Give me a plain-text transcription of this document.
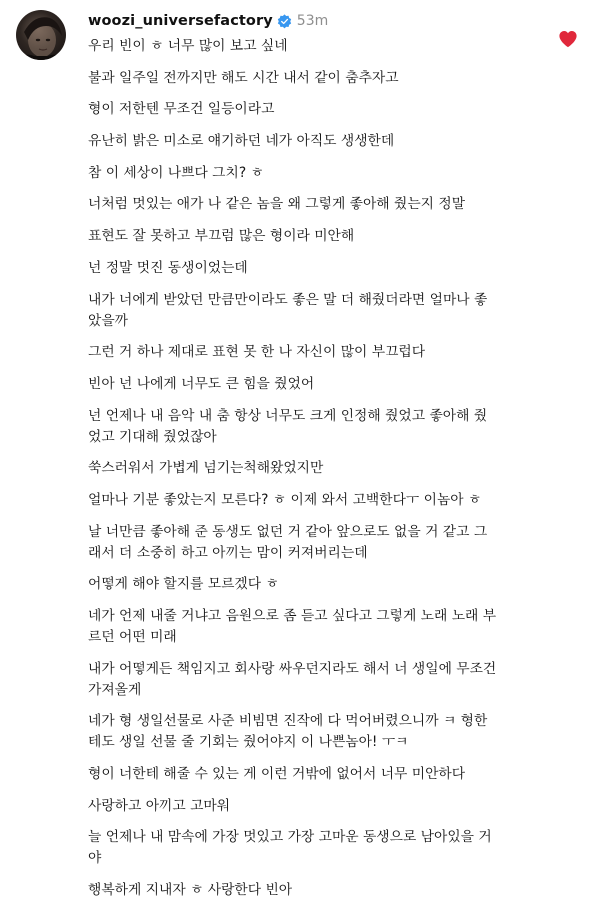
woozi_universefactory 53m
우리 빈이 ㅎ 너무 많이 보고 싶네
불과 일주일 전까지만 해도 시간 내서 같이 춤추자고
형이 저한텐 무조건 일등이라고
유난히 밝은 미소로 얘기하던 네가 아직도 생생한데
참 이 세상이 나쁘다 그치? ㅎ
너처럼 멋있는 애가 나 같은 놈을 왜 그렇게 좋아해 줬는지 정말
표현도 잘 못하고 부끄럼 많은 형이라 미안해
넌 정말 멋진 동생이었는데
내가 너에게 받았던 만큼만이라도 좋은 말 더 해줬더라면 얼마나 좋
았을까
그런 거 하나 제대로 표현 못 한 나 자신이 많이 부끄럽다
빈아 넌 나에게 너무도 큰 힘을 줬었어
넌 언제나 내 음악 내 춤 항상 너무도 크게 인정해 줬었고 좋아해 줬
었고 기대해 줬었잖아
쑥스러워서 가볍게 넘기는척해왔었지만
얼마나 기분 좋았는지 모른다? ㅎ 이제 와서 고백한다ㅜ 이놈아 ㅎ
날 너만큼 좋아해 준 동생도 없던 거 같아 앞으로도 없을 거 같고 그
래서 더 소중히 하고 아끼는 맘이 커져버리는데
어떻게 해야 할지를 모르겠다 ㅎ
네가 언제 내줄 거냐고 음원으로 좀 듣고 싶다고 그렇게 노래 노래 부
르던 어떤 미래
내가 어떻게든 책임지고 회사랑 싸우던지라도 해서 너 생일에 무조건
가져올게
네가 형 생일선물로 사준 비빔면 진작에 다 먹어버렸으니까 ㅋ 형한
테도 생일 선물 줄 기회는 줬어야지 이 나쁜놈아! ㅜㅋ
형이 너한테 해줄 수 있는 게 이런 거밖에 없어서 너무 미안하다
사랑하고 아끼고 고마워
늘 언제나 내 맘속에 가장 멋있고 가장 고마운 동생으로 남아있을 거
야
행복하게 지내자 ㅎ 사랑한다 빈아
